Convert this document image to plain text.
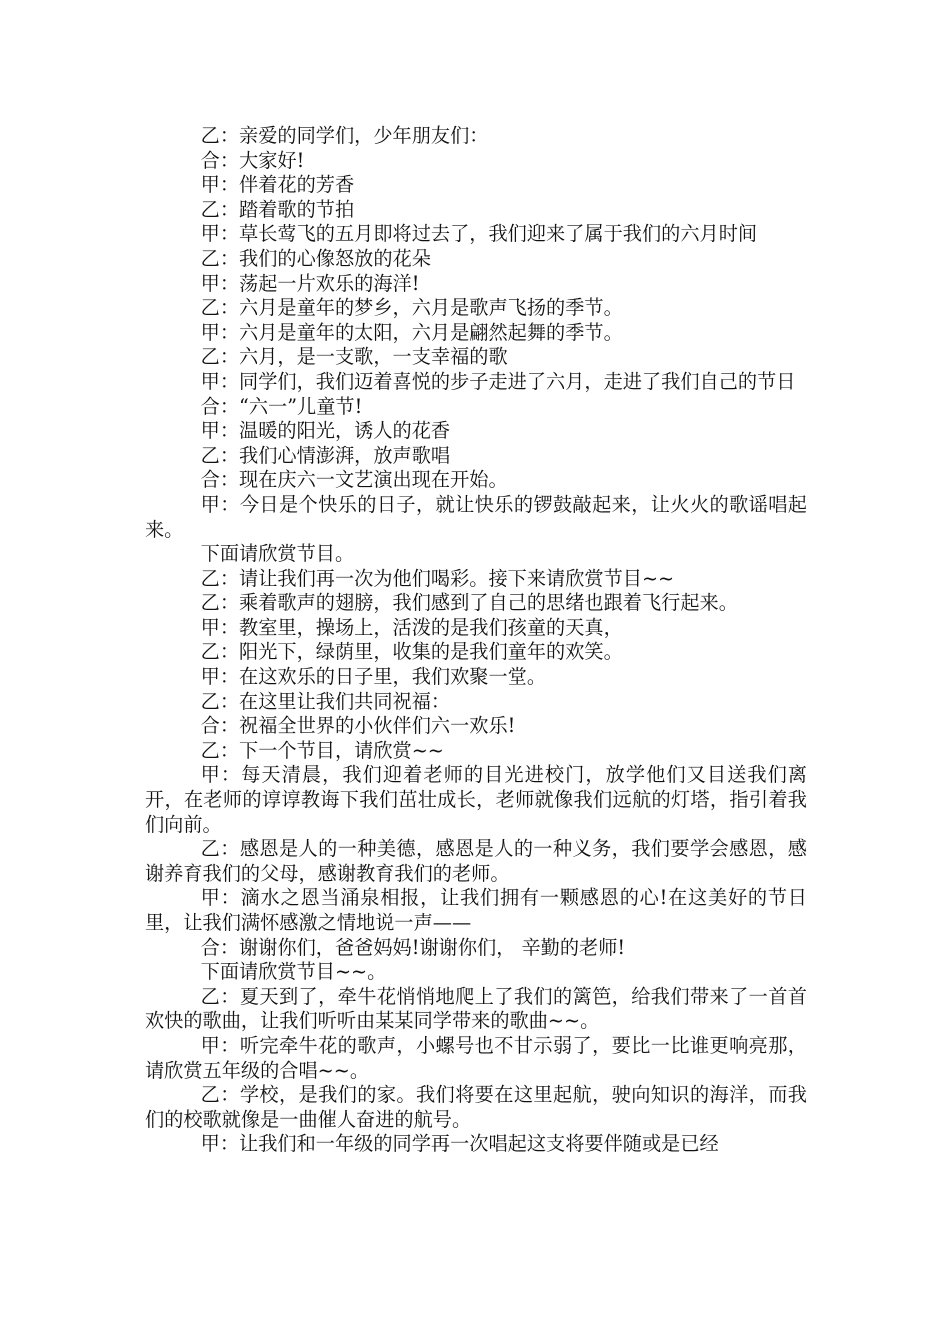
乙：亲爱的同学们，少年朋友们：

合：大家好!

甲：伴着花的芳香

乙：踏着歌的节拍

甲：草长莺飞的五月即将过去了，我们迎来了属于我们的六月时间

乙：我们的心像怒放的花朵

甲：荡起一片欢乐的海洋!

乙：六月是童年的梦乡，六月是歌声飞扬的季节。

甲：六月是童年的太阳，六月是翩然起舞的季节。

乙：六月，是一支歌，一支幸福的歌

甲：同学们，我们迈着喜悦的步子走进了六月，走进了我们自己的节日

合：“六一”儿童节!

甲：温暖的阳光，诱人的花香

乙：我们心情澎湃，放声歌唱

合：现在庆六一文艺演出现在开始。

甲：今日是个快乐的日子，就让快乐的锣鼓敲起来，让火火的歌谣唱起来。

下面请欣赏节目。

乙：请让我们再一次为他们喝彩。接下来请欣赏节目~~

乙：乘着歌声的翅膀，我们感到了自己的思绪也跟着飞行起来。

甲：教室里，操场上，活泼的是我们孩童的天真，

乙：阳光下，绿荫里，收集的是我们童年的欢笑。

甲：在这欢乐的日子里，我们欢聚一堂。

乙：在这里让我们共同祝福：

合：祝福全世界的小伙伴们六一欢乐!

乙：下一个节目，请欣赏~~

甲：每天清晨，我们迎着老师的目光进校门，放学他们又目送我们离开，在老师的谆谆教诲下我们茁壮成长，老师就像我们远航的灯塔，指引着我们向前。

乙：感恩是人的一种美德，感恩是人的一种义务，我们要学会感恩，感谢养育我们的父母，感谢教育我们的老师。

甲：滴水之恩当涌泉相报，让我们拥有一颗感恩的心!在这美好的节日里，让我们满怀感激之情地说一声——

合：谢谢你们，爸爸妈妈!谢谢你们， 辛勤的老师!

下面请欣赏节目~~。

乙：夏天到了，牵牛花悄悄地爬上了我们的篱笆，给我们带来了一首首欢快的歌曲，让我们听听由某某同学带来的歌曲~~。

甲：听完牵牛花的歌声，小螺号也不甘示弱了，要比一比谁更响亮那，请欣赏五年级的合唱~~。

乙：学校，是我们的家。我们将要在这里起航，驶向知识的海洋，而我们的校歌就像是一曲催人奋进的航号。

甲：让我们和一年级的同学再一次唱起这支将要伴随或是已经
